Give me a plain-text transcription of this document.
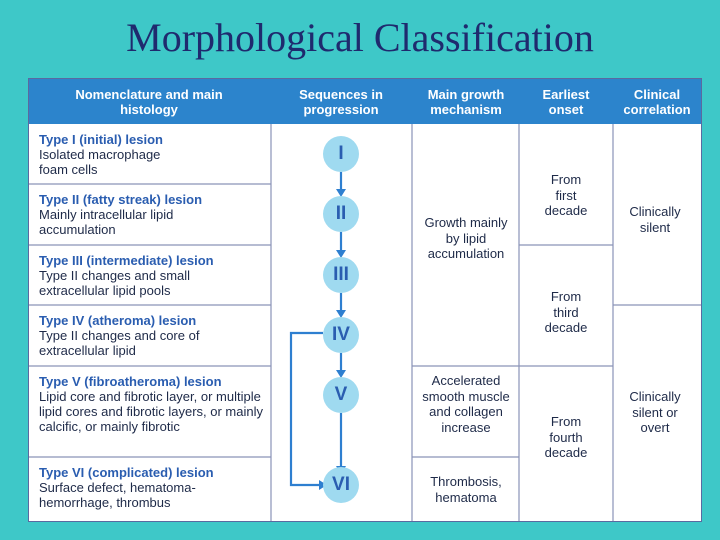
Morphological Classification
Nomenclature and main histology
Sequences in progression
Main growth mechanism
Earliest onset
Clinical correlation
Type I (initial) lesion
Isolated macrophage foam cells
Type II (fatty streak) lesion
Mainly intracellular lipid accumulation
Type III (intermediate) lesion
Type II changes and small extracellular lipid pools
Type IV (atheroma) lesion
Type II changes and core of extracellular lipid
Type V (fibroatheroma) lesion
Lipid core and fibrotic layer, or multiple lipid cores and fibrotic layers, or mainly calcific, or mainly fibrotic
Type VI (complicated) lesion
Surface defect, hematoma-hemorrhage, thrombus
I
II
III
IV
V
VI
Growth mainly by lipid accumulation
Accelerated smooth muscle and collagen increase
Thrombosis, hematoma
From first decade
From third decade
From fourth decade
Clinically silent
Clinically silent or overt
